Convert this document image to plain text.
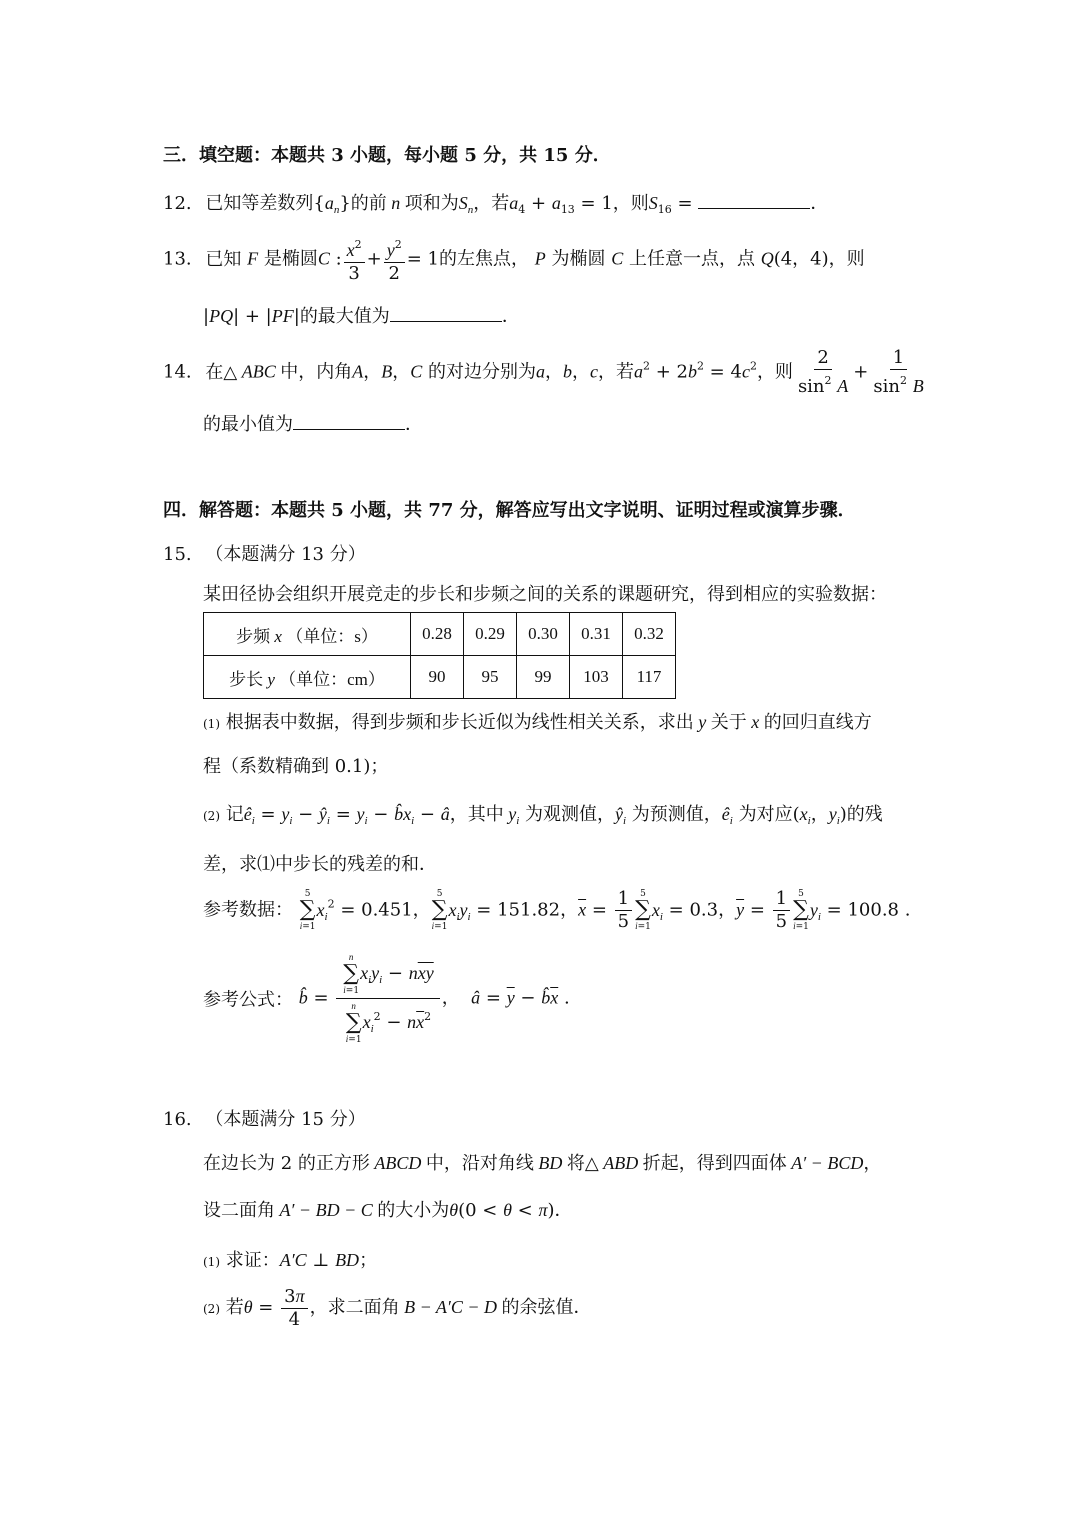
三．填空题：本题共 3 小题，每小题 5 分，共 15 分．
12. 已知等差数列$\{a_n\}$的前 n 项和为$S_n$，若$a_4 + a_{13} = 1$，则$S_{16}$ =	．
13. 已知 F 是椭圆C : $\frac{x^2}{3} + \frac{y^2}{2} = 1$的左焦点， P 为椭圆 C 上任意一点，点 Q(4，4)，则
|PQ| + |PF|的最大值为	．
14. 在△ ABC 中，内角A，B，C 的对边分别为a，b，c，若$a^2 + 2b^2 = 4c^2$，则 $\frac{2}{\sin^2 A} + \frac{1}{\sin^2 B}$
的最小值为	．
四．解答题：本题共 5 小题，共 77 分，解答应写出文字说明、证明过程或演算步骤．
15. （本题满分 13 分）
某田径协会组织开展竞走的步长和步频之间的关系的课题研究，得到相应的实验数据：
步频 x （单位：s）	0.28	0.29	0.30	0.31	0.32
步长 y （单位：cm）	90	95	99	103	117
(1) 根据表中数据，得到步频和步长近似为线性相关关系，求出 y 关于 x 的回归直线方
程（系数精确到 0.1)；
(2) 记$ê_i = y_i$ − $ŷ_i = y_i$ − $b̂x_i$ − â，其中 $y_i$ 为观测值，$ŷ_i$ 为预测值，$ê_i$ 为对应($x_i$，$y_i$)的残
差，求⑴中步长的残差的和．
参考数据：
5
∑
i=1
$x_i^2 = 0.451$，
5
∑
i=1
$x_iy_i = 151.82$，$\overline{x} = \frac{1}{5} 5$
∑
i=1
$x_i = 0.3$，$\overline{y} = \frac{1}{5} 5$
∑
i=1
$y_i = 100.8$ .
参考公式： b̂ = n
∑
i=1
$x_iy_i - n\overline{xy}$
n
∑
i=1
$x_i^2 - n\overline{x}^2$ ，  â = $\overline{y}$ − $b̂\overline{x}$ .
16. （本题满分 15 分）
在边长为 2 的正方形 ABCD 中，沿对角线 BD 将△ ABD 折起，得到四面体 A′ − BCD，
设二面角 A′ − BD − C 的大小为θ(0 < θ < π)．
(1) 求证：A′C ⊥ BD；
(2) 若$\theta = \frac{3\pi}{4}$ ，求二面角 B − A′C − D 的余弦值．
